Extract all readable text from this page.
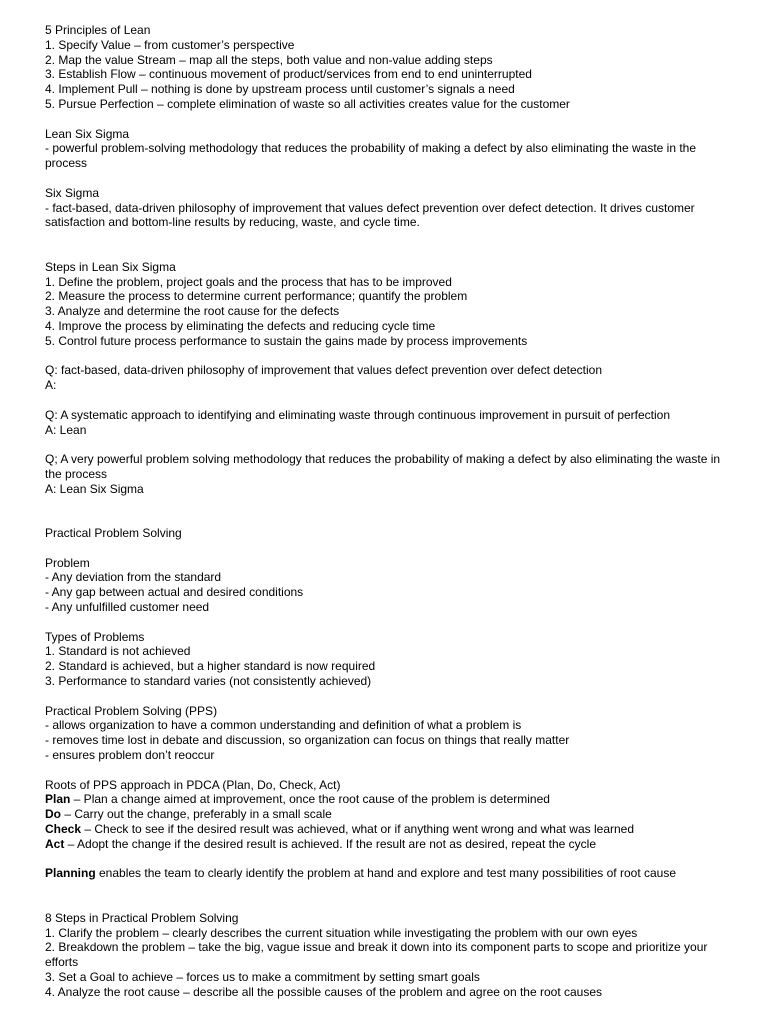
5 Principles of Lean
1. Specify Value – from customer’s perspective
2. Map the value Stream – map all the steps, both value and non-value adding steps
3. Establish Flow – continuous movement of product/services from end to end uninterrupted
4. Implement Pull – nothing is done by upstream process until customer’s signals a need
5. Pursue Perfection – complete elimination of waste so all activities creates value for the customer
Lean Six Sigma
- powerful problem-solving methodology that reduces the probability of making a defect by also eliminating the waste in the process
Six Sigma
- fact-based, data-driven philosophy of improvement that values defect prevention over defect detection. It drives customer satisfaction and bottom-line results by reducing, waste, and cycle time.
Steps in Lean Six Sigma
1. Define the problem, project goals and the process that has to be improved
2. Measure the process to determine current performance; quantify the problem
3. Analyze and determine the root cause for the defects
4. Improve the process by eliminating the defects and reducing cycle time
5. Control future process performance to sustain the gains made by process improvements
Q: fact-based, data-driven philosophy of improvement that values defect prevention over defect detection
A:
Q: A systematic approach to identifying and eliminating waste through continuous improvement in pursuit of perfection
A: Lean
Q; A very powerful problem solving methodology that reduces the probability of making a defect by also eliminating the waste in the process
A: Lean Six Sigma
Practical Problem Solving
Problem
- Any deviation from the standard
- Any gap between actual and desired conditions
- Any unfulfilled customer need
Types of Problems
1. Standard is not achieved
2. Standard is achieved, but a higher standard is now required
3. Performance to standard varies (not consistently achieved)
Practical Problem Solving (PPS)
- allows organization to have a common understanding and definition of what a problem is
- removes time lost in debate and discussion, so organization can focus on things that really matter
- ensures problem don’t reoccur
Roots of PPS approach in PDCA (Plan, Do, Check, Act)
Plan – Plan a change aimed at improvement, once the root cause of the problem is determined
Do – Carry out the change, preferably in a small scale
Check – Check to see if the desired result was achieved, what or if anything went wrong and what was learned
Act – Adopt the change if the desired result is achieved. If the result are not as desired, repeat the cycle
Planning enables the team to clearly identify the problem at hand and explore and test many possibilities of root cause
8 Steps in Practical Problem Solving
1. Clarify the problem – clearly describes the current situation while investigating the problem with our own eyes
2. Breakdown the problem – take the big, vague issue and break it down into its component parts to scope and prioritize your efforts
3. Set a Goal to achieve – forces us to make a commitment by setting smart goals
4. Analyze the root cause – describe all the possible causes of the problem and agree on the root causes
